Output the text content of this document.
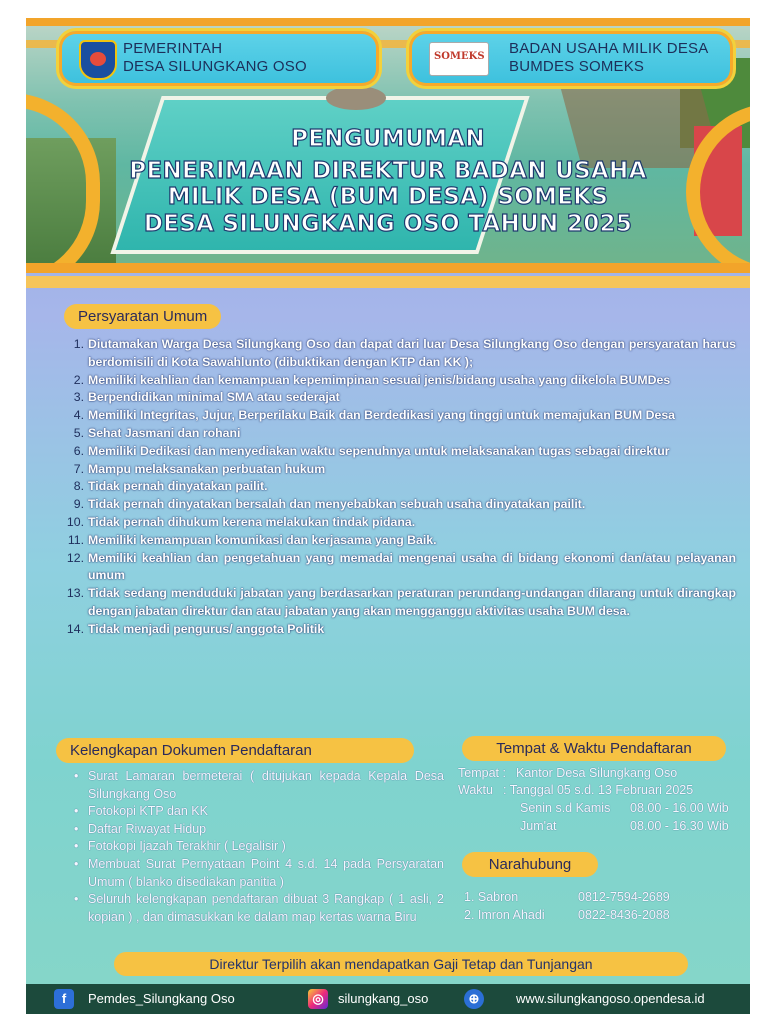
PEMERINTAH
DESA SILUNGKANG OSO
SOMEKS BADAN USAHA MILIK DESA
BUMDES SOMEKS
PENGUMUMAN
PENERIMAAN DIREKTUR BADAN USAHA
MILIK DESA (BUM DESA) SOMEKS
DESA SILUNGKANG OSO TAHUN 2025
Persyaratan Umum
1. Diutamakan Warga Desa Silungkang Oso dan dapat dari luar Desa Silungkang Oso dengan persyaratan harus berdomisili di Kota Sawahlunto (dibuktikan dengan KTP dan KK );
2. Memiliki keahlian dan kemampuan kepemimpinan sesuai jenis/bidang usaha yang dikelola BUMDes
3. Berpendidikan minimal SMA atau sederajat
4. Memiliki Integritas, Jujur, Berperilaku Baik dan Berdedikasi yang tinggi untuk memajukan BUM Desa
5. Sehat Jasmani dan rohani
6. Memiliki Dedikasi dan menyediakan waktu sepenuhnya untuk melaksanakan tugas sebagai direktur
7. Mampu melaksanakan perbuatan hukum
8. Tidak pernah dinyatakan pailit.
9. Tidak pernah dinyatakan bersalah dan menyebabkan sebuah usaha dinyatakan pailit.
10. Tidak pernah dihukum kerena melakukan tindak pidana.
11. Memiliki kemampuan komunikasi dan kerjasama yang Baik.
12. Memiliki keahlian dan pengetahuan yang memadai mengenai usaha di bidang ekonomi dan/atau pelayanan umum
13. Tidak sedang menduduki jabatan yang berdasarkan peraturan perundang-undangan dilarang untuk dirangkap dengan jabatan direktur dan atau jabatan yang akan mengganggu aktivitas usaha BUM desa.
14. Tidak menjadi pengurus/ anggota Politik
Kelengkapan Dokumen Pendaftaran
• Surat Lamaran bermeterai ( ditujukan kepada Kepala Desa Silungkang Oso
• Fotokopi KTP dan KK
• Daftar Riwayat Hidup
• Fotokopi Ijazah Terakhir ( Legalisir )
• Membuat Surat Pernyataan Point 4 s.d. 14 pada Persyaratan Umum ( blanko disediakan panitia )
• Seluruh kelengkapan pendaftaran dibuat 3 Rangkap ( 1 asli, 2 kopian ) , dan dimasukkan ke dalam map kertas warna Biru
Tempat & Waktu Pendaftaran
Tempat : Kantor Desa Silungkang Oso
Waktu : Tanggal 05 s.d. 13 Februari 2025
Senin s.d Kamis 08.00 - 16.00 Wib
Jum'at	08.00 - 16.30 Wib
Narahubung
1. Sabron	0812-7594-2689
2. Imron Ahadi	0822-8436-2088
Direktur Terpilih akan mendapatkan Gaji Tetap dan Tunjangan
f	Pemdes_Silungkang Oso	◎	silungkang_oso	⊕	www.silungkangoso.opendesa.id
